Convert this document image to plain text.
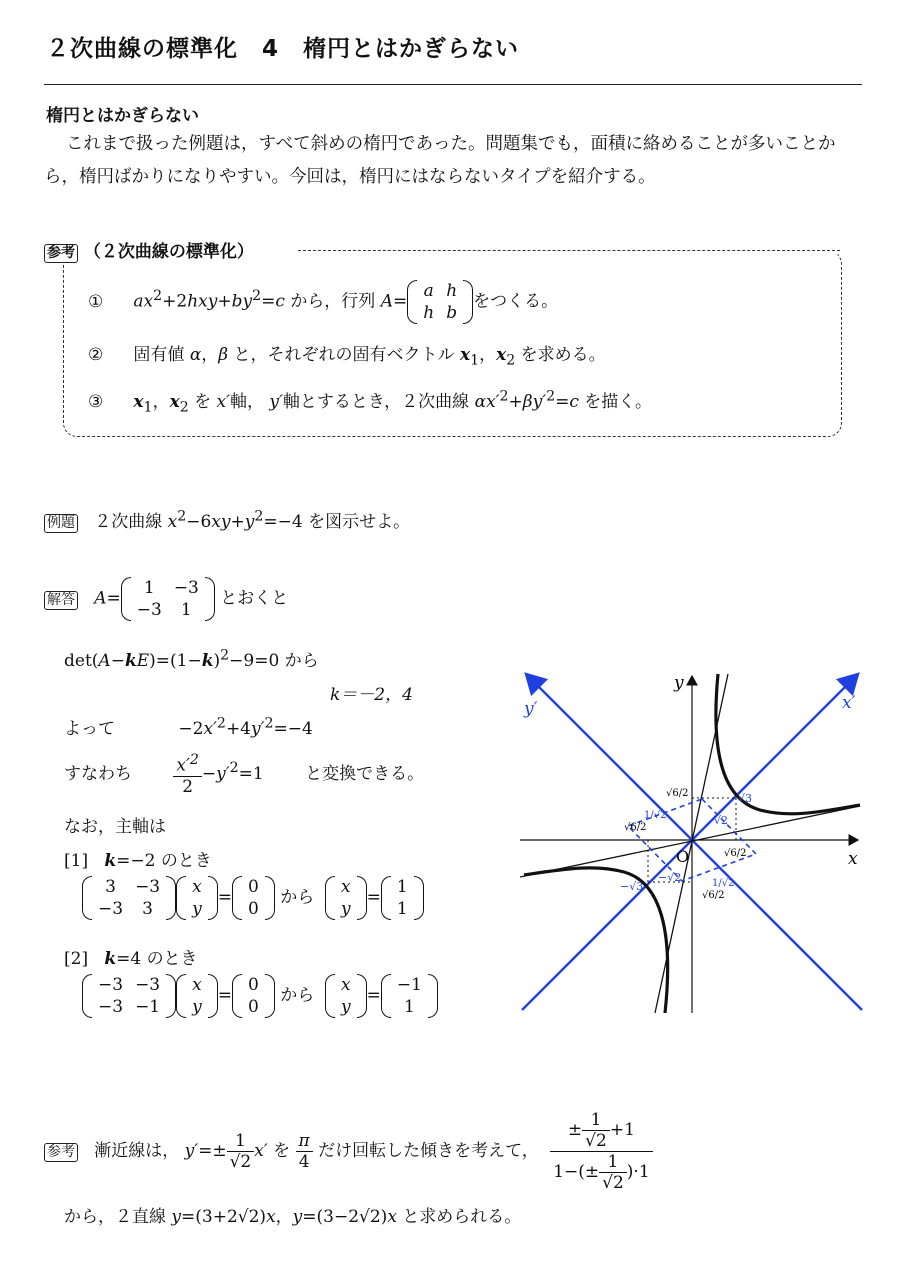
２次曲線の標準化　4　楕円とはかぎらない
楕円とはかぎらない
これまで扱った例題は，すべて斜めの楕円であった。問題集でも，面積に絡めることが多いことから，楕円ばかりになりやすい。今回は，楕円にはならないタイプを紹介する。
参考 （２次曲線の標準化）
① $ax^2+2hxy+by^2=c$ から，行列 A=
a	h
h	b
をつくる。
② 固有値 α，β と，それぞれの固有ベクトル $x_1$，$x_2$ を求める。
③ $x_1$，$x_2$ を x′軸， y′軸とするとき，２次曲線 $\alpha x'^2+\beta y'^2=c$ を描く。
例題 ２次曲線 $x^2-6xy+y^2=-4$ を図示せよ。
解答 A=
1	−3
−3	1
とおくと
$\det(A-kE)=(1-k)^2-9=0$ から
k＝－2，4
よって	$-2x'^2+4y'^2=-4$
すなわち $\frac{x'^2}{2} -y'^2=1$ と変換できる。
なお，主軸は
[1] k=−2 のとき
3	−3
−3	3
x
y
=
0
0
から
x
y
=
1
1
[2] k=4 のとき
−3	−3
−3	−1
x
y
=
0
0
から
x
y
=
−1
1
y
x
x′
y′
O
√3
−√3
√2
−√2
√6/2
√6/2
√6/2
√6/2
1/√2
1/√2
参考 漸近線は， $y'=\pm \frac{1}{√2} x'$ を $\frac{\pi}{4}$ だけ回転した傾きを考えて， $\frac{\pm \frac{1}{√2} +1}{1-(\pm \frac{1}{√2} )\cdot 1}$
から，２直線 y=(3+2√2)x，y=(3−2√2)x と求められる。
